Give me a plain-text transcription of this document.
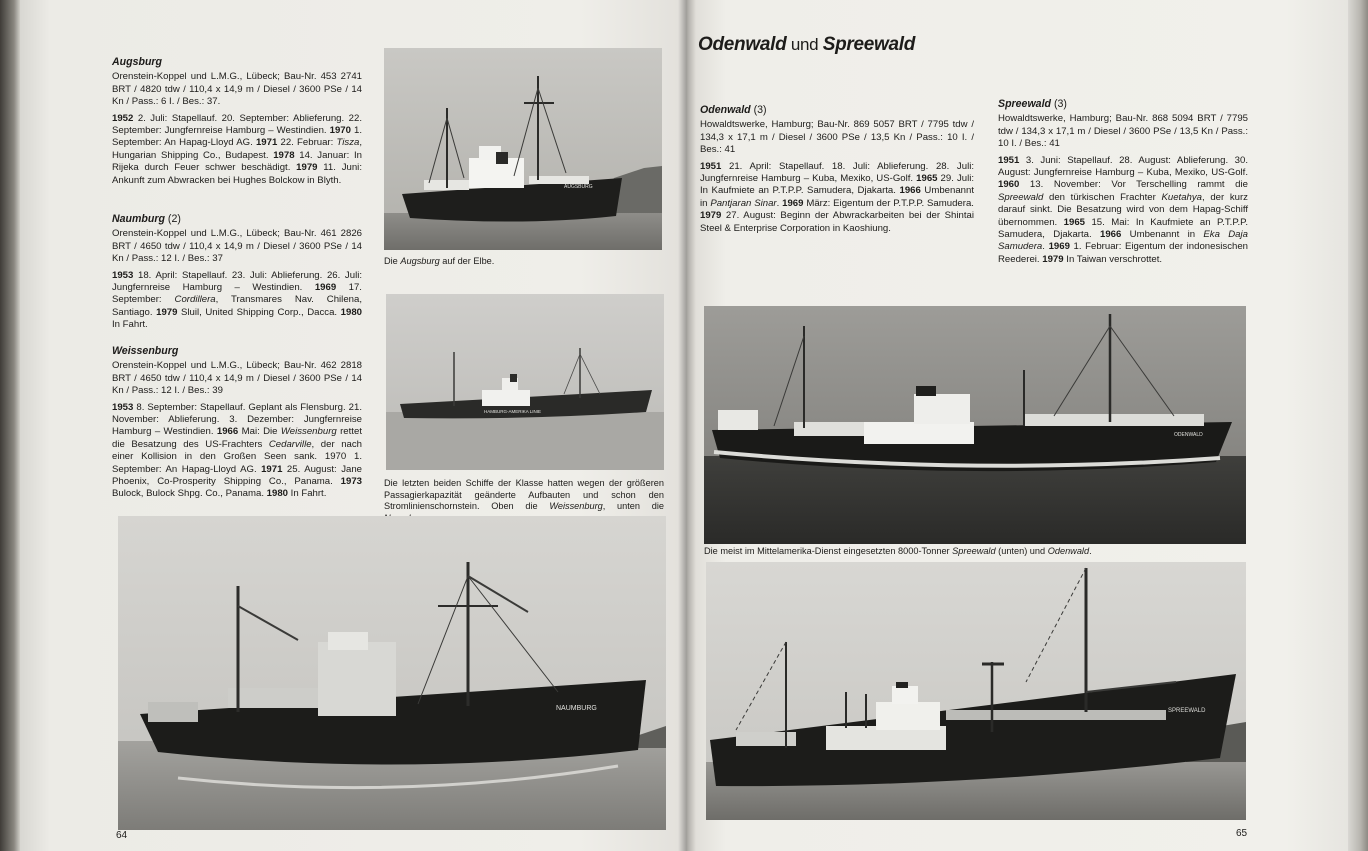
Augsburg

Orenstein-Koppel und L.M.G., Lübeck; Bau-Nr. 453 2741 BRT / 4820 tdw / 110,4 x 14,9 m / Diesel / 3600 PSe / 14 Kn / Pass.: 6 I. / Bes.: 37.

1952 2. Juli: Stapellauf. 20. September: Ablieferung. 22. September: Jungfernreise Hamburg – Westindien. 1970 1. September: An Hapag-Lloyd AG. 1971 22. Februar: Tisza, Hungarian Shipping Co., Budapest. 1978 14. Januar: In Rijeka durch Feuer schwer beschädigt. 1979 11. Juni: Ankunft zum Abwracken bei Hughes Bolckow in Blyth.

Naumburg (2)

Orenstein-Koppel und L.M.G., Lübeck; Bau-Nr. 461 2826 BRT / 4650 tdw / 110,4 x 14,9 m / Diesel / 3600 PSe / 14 Kn / Pass.: 12 I. / Bes.: 37

1953 18. April: Stapellauf. 23. Juli: Ablieferung. 26. Juli: Jungfernreise Hamburg – Westindien. 1969 17. September: Cordillera, Transmares Nav. Chilena, Santiago. 1979 Sluil, United Shipping Corp., Dacca. 1980 In Fahrt.

Weissenburg

Orenstein-Koppel und L.M.G., Lübeck; Bau-Nr. 462 2818 BRT / 4650 tdw / 110,4 x 14,9 m / Diesel / 3600 PSe / 14 Kn / Pass.: 12 I. / Bes.: 39

1953 8. September: Stapellauf. Geplant als Flensburg. 21. November: Ablieferung. 3. Dezember: Jungfernreise Hamburg – Westindien. 1966 Mai: Die Weissenburg rettet die Besatzung des US-Frachters Cedarville, der nach einer Kollision in den Großen Seen sank. 1970 1. September: An Hapag-Lloyd AG. 1971 25. August: Jane Phoenix, Co-Prosperity Shipping Co., Panama. 1973 Bulock, Bulock Shpg. Co., Panama. 1980 In Fahrt.

AUGSBURG
Die Augsburg auf der Elbe.
HAMBURG-AMERIKA LINIE
Die letzten beiden Schiffe der Klasse hatten wegen der größeren Passagierkapazität geänderte Aufbauten und schon den Stromlinienschornstein. Oben die Weissenburg, unten die
NAUMBURG
64
Odenwald und Spreewald
Odenwald (3)

Howaldtswerke, Hamburg; Bau-Nr. 869 5057 BRT / 7795 tdw / 134,3 x 17,1 m / Diesel / 3600 PSe / 13,5 Kn / Pass.: 10 I. / Bes.: 41

1951 21. April: Stapellauf. 18. Juli: Ablieferung. 28. Juli: Jungfernreise Hamburg – Kuba, Mexiko, US-Golf. 1965 29. Juli: In Kaufmiete an P.T.P.P. Samudera, Djakarta. 1966 Umbenannt in Pantjaran Sinar. 1969 März: Eigentum der P.T.P.P. Samudera. 1979 27. August: Beginn der Abwrackarbeiten bei der Shintai Steel & Enterprise Corporation in Kaoshiung.

Spreewald (3)

Howaldtswerke, Hamburg; Bau-Nr. 868 5094 BRT / 7795 tdw / 134,3 x 17,1 m / Diesel / 3600 PSe / 13,5 Kn / Pass.: 10 I. / Bes.: 41

1951 3. Juni: Stapellauf. 28. August: Ablieferung. 30. August: Jungfernreise Hamburg – Kuba, Mexiko, US-Golf. 1960 13. November: Vor Terschelling rammt die Spreewald den türkischen Frachter Kuetahya, der kurz darauf sinkt. Die Besatzung wird von dem Hapag-Schiff übernommen. 1965 15. Mai: In Kaufmiete an P.T.P.P. Samudera, Djakarta. 1966 Umbenannt in Eka Daja Samudera. 1969 1. Februar: Eigentum der indonesischen Reederei. 1979 In Taiwan verschrottet.

ODENWALD
Die meist im Mittelamerika-Dienst eingesetzten 8000-Tonner Spreewald (unten) und Odenwald.
SPREEWALD
65
